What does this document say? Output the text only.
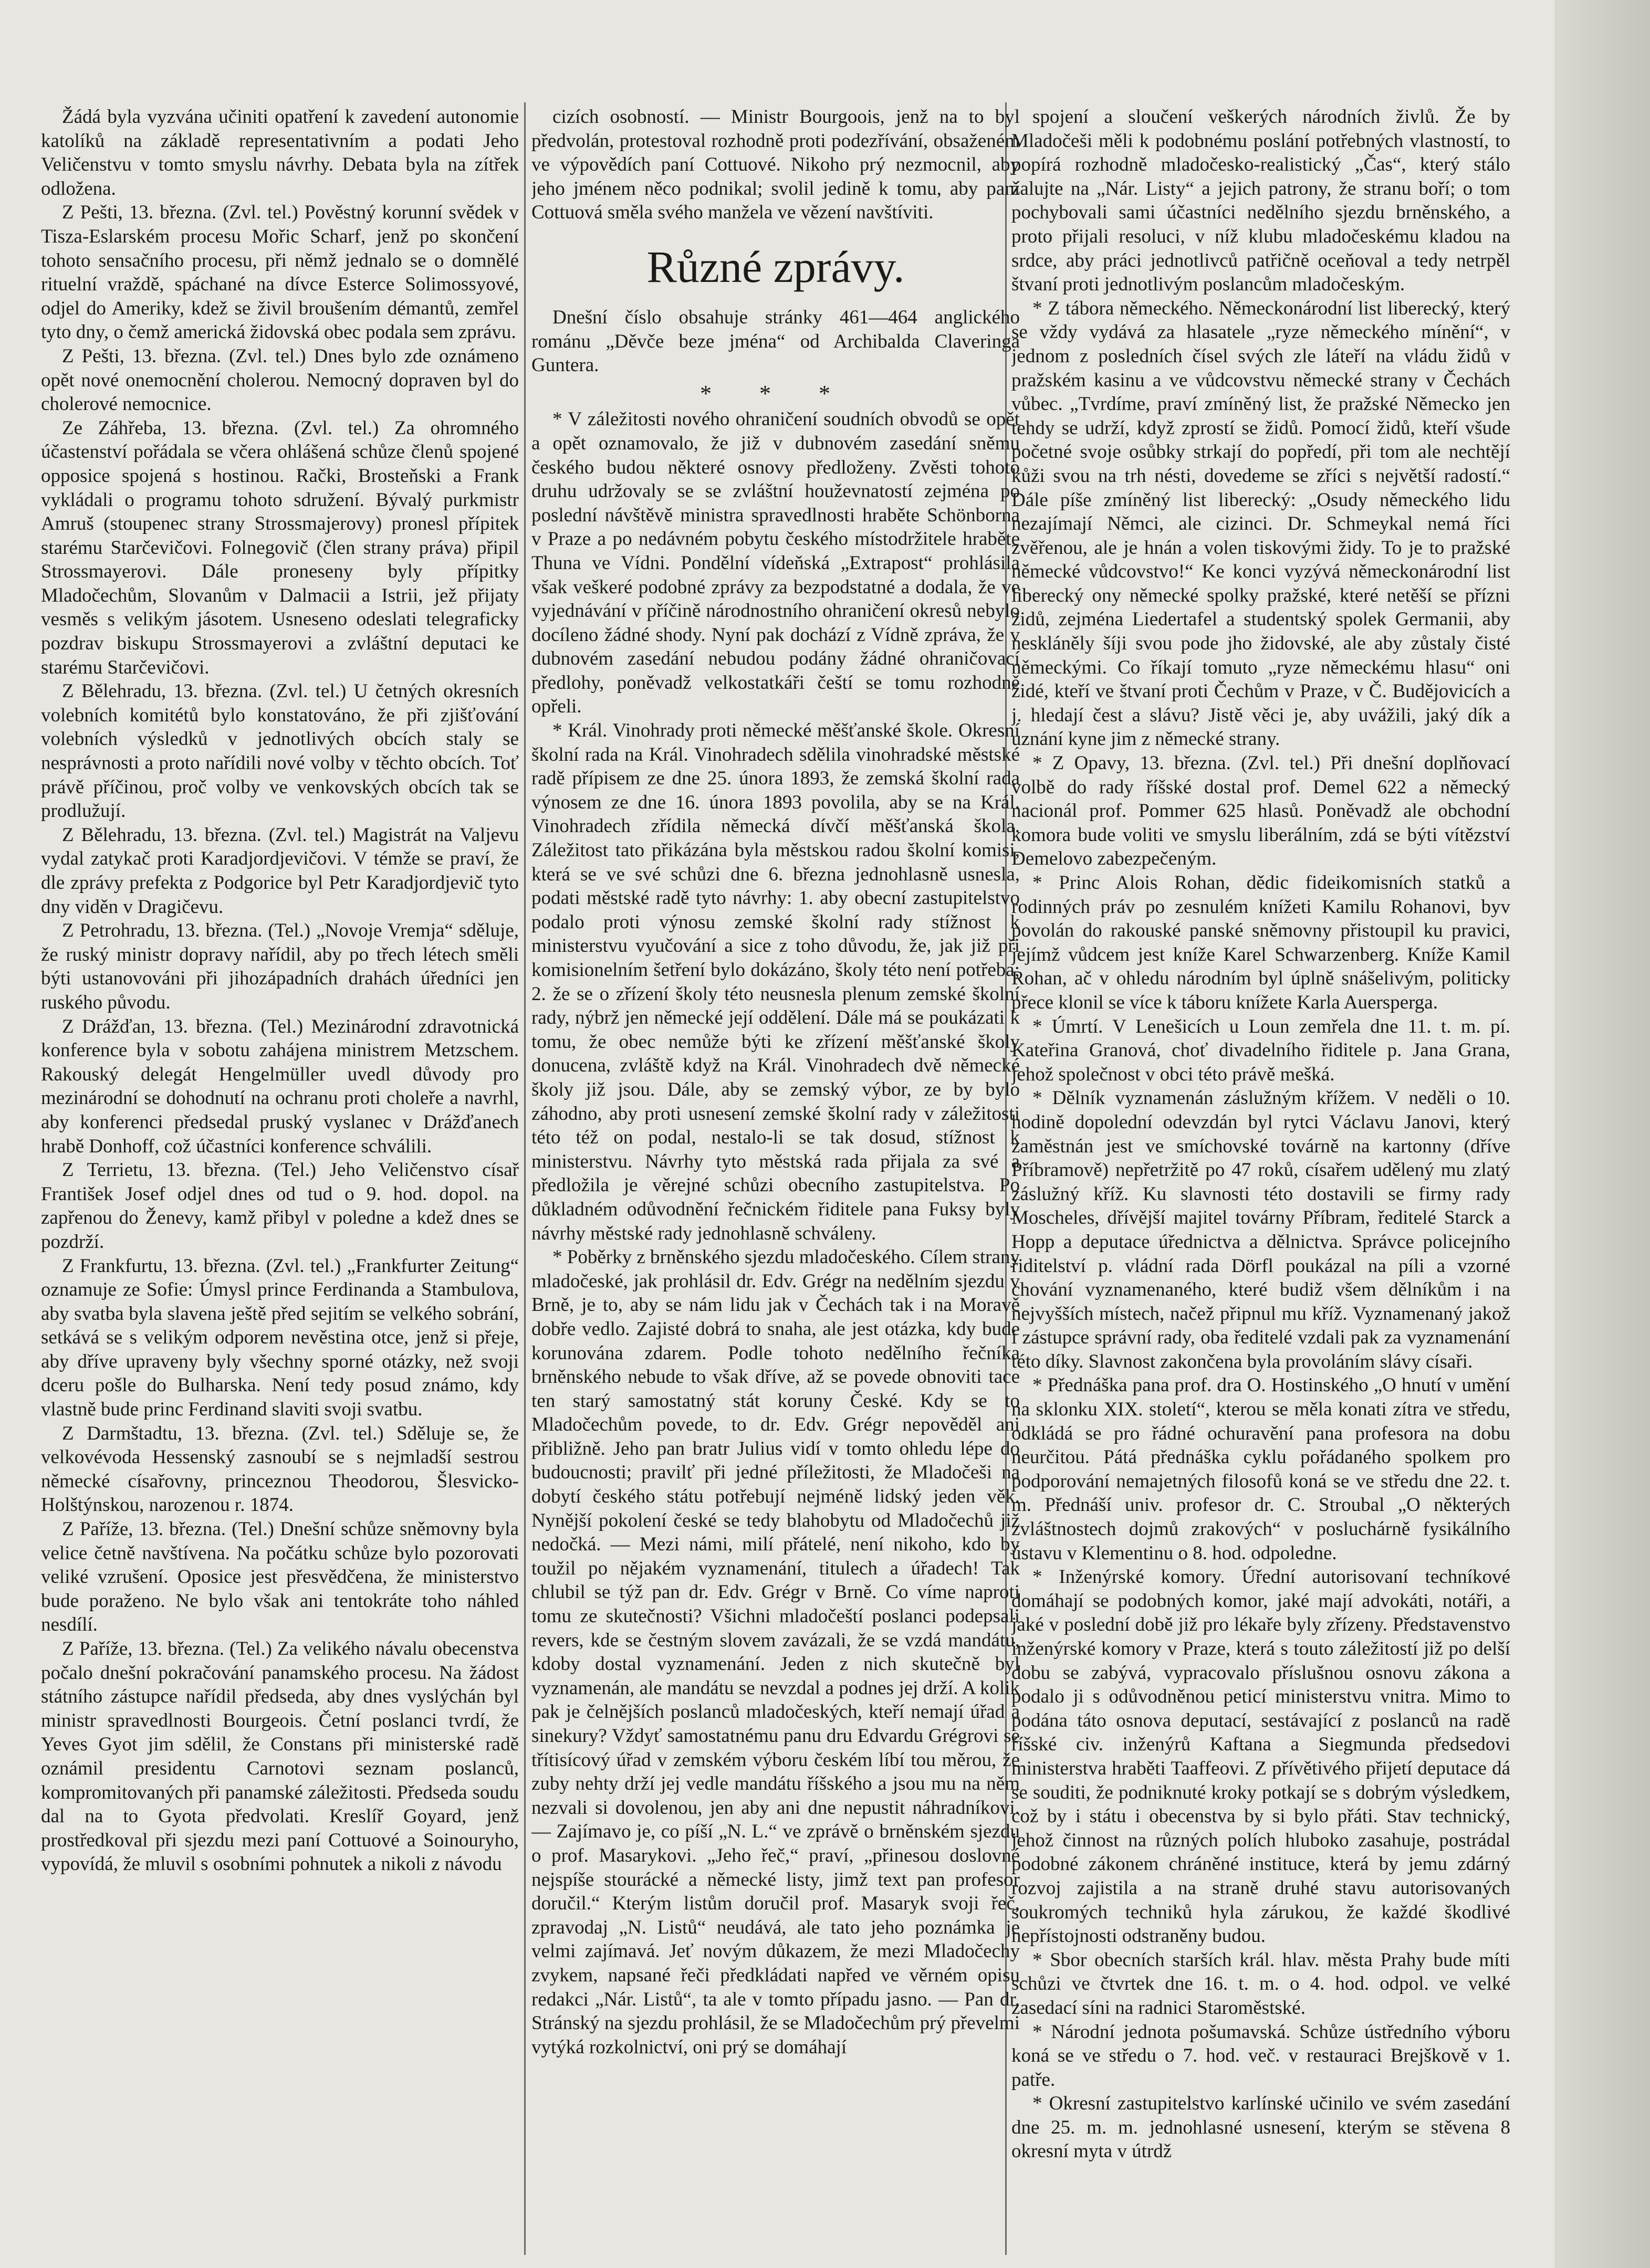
Žádá byla vyzvána učiniti opatření k zavedení autonomie katolíků na základě representativním a podati Jeho Veličenstvu v tomto smyslu návrhy. Debata byla na zítřek odložena.

Z Pešti, 13. března. (Zvl. tel.) Pověstný korunní svědek v Tisza-Eslarském procesu Mořic Scharf, jenž po skončení tohoto sensačního procesu, při němž jednalo se o domnělé rituelní vraždě, spáchané na dívce Esterce Solimossyové, odjel do Ameriky, kdež se živil broušením démantů, zemřel tyto dny, o čemž americká židovská obec podala sem zprávu.

Z Pešti, 13. března. (Zvl. tel.) Dnes bylo zde oznámeno opět nové onemocnění cholerou. Nemocný dopraven byl do cholerové nemocnice.

Ze Záhřeba, 13. března. (Zvl. tel.) Za ohromného účastenství pořádala se včera ohlášená schůze členů spojené opposice spojená s hostinou. Rački, Brosteňski a Frank vykládali o programu tohoto sdružení. Bývalý purkmistr Amruš (stoupenec strany Strossmajerovy) pronesl přípitek starému Starčevičovi. Folnegovič (člen strany práva) připil Strossmayerovi. Dále proneseny byly přípitky Mladočechům, Slovanům v Dalmacii a Istrii, jež přijaty vesměs s velikým jásotem. Usneseno odeslati telegraficky pozdrav biskupu Strossmayerovi a zvláštní deputaci ke starému Starčevičovi.

Z Bělehradu, 13. března. (Zvl. tel.) U četných okresních volebních komitétů bylo konstatováno, že při zjišťování volebních výsledků v jednotlivých obcích staly se nesprávnosti a proto nařídili nové volby v těchto obcích. Toť právě příčinou, proč volby ve venkovských obcích tak se prodlužují.

Z Bělehradu, 13. března. (Zvl. tel.) Magistrát na Valjevu vydal zatykač proti Karadjordjevičovi. V témže se praví, že dle zprávy prefekta z Podgorice byl Petr Karadjordjevič tyto dny viděn v Dragičevu.

Z Petrohradu, 13. března. (Tel.) „Novoje Vremja“ sděluje, že ruský ministr dopravy nařídil, aby po třech létech směli býti ustanovováni při jihozápadních drahách úředníci jen ruského původu.

Z Drážďan, 13. března. (Tel.) Mezinárodní zdravotnická konference byla v sobotu zahájena ministrem Metzschem. Rakouský delegát Hengelmüller uvedl důvody pro mezinárodní se dohodnutí na ochranu proti choleře a navrhl, aby konferenci předsedal pruský vyslanec v Drážďanech hrabě Donhoff, což účastníci konference schválili.

Z Terrietu, 13. března. (Tel.) Jeho Veličenstvo císař František Josef odjel dnes od tud o 9. hod. dopol. na zapřenou do Ženevy, kamž přibyl v poledne a kdež dnes se pozdrží.

Z Frankfurtu, 13. března. (Zvl. tel.) „Frankfurter Zeitung“ oznamuje ze Sofie: Úmysl prince Ferdinanda a Stambulova, aby svatba byla slavena ještě před sejitím se velkého sobrání, setkává se s velikým odporem nevěstina otce, jenž si přeje, aby dříve upraveny byly všechny sporné otázky, než svoji dceru pošle do Bulharska. Není tedy posud známo, kdy vlastně bude princ Ferdinand slaviti svoji svatbu.

Z Darmštadtu, 13. března. (Zvl. tel.) Sděluje se, že velkovévoda Hessenský zasnoubí se s nejmladší sestrou německé císařovny, princeznou Theodorou, Šlesvicko-Holštýnskou, narozenou r. 1874.

Z Paříže, 13. března. (Tel.) Dnešní schůze sněmovny byla velice četně navštívena. Na počátku schůze bylo pozorovati veliké vzrušení. Oposice jest přesvědčena, že ministerstvo bude poraženo. Ne bylo však ani tentokráte toho náhled nesdílí.

Z Paříže, 13. března. (Tel.) Za velikého návalu obecenstva počalo dnešní pokračování panamského procesu. Na žádost státního zástupce nařídil předseda, aby dnes vyslýchán byl ministr spravedlnosti Bourgeois. Četní poslanci tvrdí, že Yeves Gyot jim sdělil, že Constans při ministerské radě oznámil presidentu Carnotovi seznam poslanců, kompromitovaných při panamské záležitosti. Předseda soudu dal na to Gyota předvolati. Kreslíř Goyard, jenž prostředkoval při sjezdu mezi paní Cottuové a Soinouryho, vypovídá, že mluvil s osobními pohnutek a nikoli z návodu

cizích osobností. — Ministr Bourgoois, jenž na to byl předvolán, protestoval rozhodně proti podezřívání, obsaženém ve výpovědích paní Cottuové. Nikoho prý nezmocnil, aby jeho jménem něco podnikal; svolil jedině k tomu, aby paní Cottuová směla svého manžela ve vězení navštíviti.

Různé zprávy.

Dnešní číslo obsahuje stránky 461—464 anglického románu „Děvče beze jména“ od Archibalda Claveringa Guntera.

* * *

* V záležitosti nového ohraničení soudních obvodů se opět a opět oznamovalo, že již v dubnovém zasedání sněmu českého budou některé osnovy předloženy. Zvěsti tohoto druhu udržovaly se se zvláštní houževnatostí zejména po poslední návštěvě ministra spravedlnosti hraběte Schönborna v Praze a po nedávném pobytu českého místodržitele hraběte Thuna ve Vídni. Pondělní vídeňská „Extrapost“ prohlásila však veškeré podobné zprávy za bezpodstatné a dodala, že ve vyjednávání v příčině národnostního ohraničení okresů nebylo docíleno žádné shody. Nyní pak dochází z Vídně zpráva, že v dubnovém zasedání nebudou podány žádné ohraničovací předlohy, poněvadž velkostatkáři čeští se tomu rozhodně opřeli.

* Král. Vinohrady proti německé měšťanské škole. Okresní školní rada na Král. Vinohradech sdělila vinohradské městské radě přípisem ze dne 25. února 1893, že zemská školní rada výnosem ze dne 16. února 1893 povolila, aby se na Král. Vinohradech zřídila německá dívčí měšťanská škola. Záležitost tato přikázána byla městskou radou školní komisi, která se ve své schůzi dne 6. března jednohlasně usnesla, podati městské radě tyto návrhy: 1. aby obecní zastupitelstvo podalo proti výnosu zemské školní rady stížnost k ministerstvu vyučování a sice z toho důvodu, že, jak již při komisionelním šetření bylo dokázáno, školy této není potřeba; 2. že se o zřízení školy této neusnesla plenum zemské školní rady, nýbrž jen německé její oddělení. Dále má se poukázati k tomu, že obec nemůže býti ke zřízení měšťanské školy donucena, zvláště když na Král. Vinohradech dvě německé školy již jsou. Dále, aby se zemský výbor, ze by bylo záhodno, aby proti usnesení zemské školní rady v záležitosti této též on podal, nestalo-li se tak dosud, stížnost k ministerstvu. Návrhy tyto městská rada přijala za své a předložila je věrejné schůzi obecního zastupitelstva. Po důkladném odůvodnění řečnickém řiditele pana Fuksy byly návrhy městské rady jednohlasně schváleny.

* Poběrky z brněnského sjezdu mladočeského. Cílem strany mladočeské, jak prohlásil dr. Edv. Grégr na nedělním sjezdu v Brně, je to, aby se nám lidu jak v Čechách tak i na Moravě dobře vedlo. Zajisté dobrá to snaha, ale jest otázka, kdy bude korunována zdarem. Podle tohoto nedělního řečníka brněnského nebude to však dříve, až se povede obnoviti tace ten starý samostatný stát koruny České. Kdy se to Mladočechům povede, to dr. Edv. Grégr nepověděl ani přibližně. Jeho pan bratr Julius vidí v tomto ohledu lépe do budoucnosti; pravilť při jedné příležitosti, že Mladočeši na dobytí českého státu potřebují nejméně lidský jeden věk. Nynější pokolení české se tedy blahobytu od Mladočechů již nedočká. — Mezi námi, milí přátelé, není nikoho, kdo by toužil po nějakém vyznamenání, titulech a úřadech! Tak chlubil se týž pan dr. Edv. Grégr v Brně. Co víme naproti tomu ze skutečnosti? Všichni mladočeští poslanci podepsali revers, kde se čestným slovem zavázali, že se vzdá mandátu, kdoby dostal vyznamenání. Jeden z nich skutečně byl vyznamenán, ale mandátu se nevzdal a podnes jej drží. A kolik pak je čelnějších poslanců mladočeských, kteří nemají úřad a sinekury? Vždyť samostatnému panu dru Edvardu Grégrovi se třítisícový úřad v zemském výboru českém líbí tou měrou, že zuby nehty drží jej vedle mandátu říšského a jsou mu na něm nezvali si dovolenou, jen aby ani dne nepustit náhradníkovi. — Zajímavo je, co píší „N. L.“ ve zprávě o brněnském sjezdu o prof. Masarykovi. „Jeho řeč,“ praví, „přinesou doslovné nejspíše stourácké a německé listy, jimž text pan profesor doručil.“ Kterým listům doručil prof. Masaryk svoji řeč, zpravodaj „N. Listů“ neudává, ale tato jeho poznámka je velmi zajímavá. Jeť novým důkazem, že mezi Mladočechy zvykem, napsané řeči předkládati napřed ve věrném opisu redakci „Nár. Listů“, ta ale v tomto případu jasno. — Pan dr. Stránský na sjezdu prohlásil, že se Mladočechům prý převelmi vytýká rozkolnictví, oni prý se domáhají

spojení a sloučení veškerých národních živlů. Že by Mladočeši měli k podobnému poslání potřebných vlastností, to popírá rozhodně mladočesko-realistický „Čas“, který stálo žalujte na „Nár. Listy“ a jejich patrony, že stranu boří; o tom pochybovali sami účastníci nedělního sjezdu brněnského, a proto přijali resoluci, v níž klubu mladočeskému kladou na srdce, aby práci jednotlivců patřičně oceňoval a tedy netrpěl štvaní proti jednotlivým poslancům mladočeským.

* Z tábora německého. Německonárodní list liberecký, který se vždy vydává za hlasatele „ryze německého mínění“, v jednom z posledních čísel svých zle láteří na vládu židů v pražském kasinu a ve vůdcovstvu německé strany v Čechách vůbec. „Tvrdíme, praví zmíněný list, že pražské Německo jen tehdy se udrží, když zprostí se židů. Pomocí židů, kteří všude početné svoje osůbky strkají do popředí, při tom ale nechtějí kůži svou na trh nésti, dovedeme se zříci s největší radostí.“ Dále píše zmíněný list liberecký: „Osudy německého lidu nezajímají Němci, ale cizinci. Dr. Schmeykal nemá říci zvěřenou, ale je hnán a volen tiskovými židy. To je to pražské německé vůdcovstvo!“ Ke konci vyzývá německonárodní list liberecký ony německé spolky pražské, které netěší se přízni židů, zejména Liedertafel a studentský spolek Germanii, aby neskláněly šíji svou pode jho židovské, ale aby zůstaly čisté německými. Co říkají tomuto „ryze německému hlasu“ oni židé, kteří ve štvaní proti Čechům v Praze, v Č. Budějovicích a j. hledají čest a slávu? Jistě věci je, aby uvážili, jaký dík a uznání kyne jim z německé strany.

* Z Opavy, 13. března. (Zvl. tel.) Při dnešní doplňovací volbě do rady říšské dostal prof. Demel 622 a německý nacionál prof. Pommer 625 hlasů. Poněvadž ale obchodní komora bude voliti ve smyslu liberálním, zdá se býti vítězství Demelovo zabezpečeným.

* Princ Alois Rohan, dědic fideikomisních statků a rodinných práv po zesnulém knížeti Kamilu Rohanovi, byv povolán do rakouské panské sněmovny přistoupil ku pravici, jejímž vůdcem jest kníže Karel Schwarzenberg. Kníže Kamil Rohan, ač v ohledu národním byl úplně snášelivým, politicky přece klonil se více k táboru knížete Karla Auersperga.

* Úmrtí. V Lenešicích u Loun zemřela dne 11. t. m. pí. Kateřina Granová, choť divadelního řiditele p. Jana Grana, jehož společnost v obci této právě mešká.

* Dělník vyznamenán záslužným křížem. V neděli o 10. hodině dopolední odevzdán byl rytci Václavu Janovi, který zaměstnán jest ve smíchovské továrně na kartonny (dříve Příbramově) nepřetržitě po 47 roků, císařem udělený mu zlatý záslužný kříž. Ku slavnosti této dostavili se firmy rady Moscheles, dřívější majitel továrny Příbram, ředitelé Starck a Hopp a deputace úřednictva a dělnictva. Správce policejního řiditelství p. vládní rada Dörfl poukázal na píli a vzorné chování vyznamenaného, které budiž všem dělníkům i na nejvyšších místech, načež připnul mu kříž. Vyznamenaný jakož i zástupce správní rady, oba ředitelé vzdali pak za vyznamenání této díky. Slavnost zakončena byla provoláním slávy císaři.

* Přednáška pana prof. dra O. Hostinského „O hnutí v umění na sklonku XIX. století“, kterou se měla konati zítra ve středu, odkládá se pro řádné ochuravění pana profesora na dobu neurčitou. Pátá přednáška cyklu pořádaného spolkem pro podporování nemajetných filosofů koná se ve středu dne 22. t. m. Přednáší univ. profesor dr. C. Stroubal „O některých zvláštnostech dojmů zrakových“ v posluchárně fysikálního ústavu v Klementinu o 8. hod. odpoledne.

* Inženýrské komory. Úřední autorisovaní techníkové domáhají se podobných komor, jaké mají advokáti, notáři, a jaké v poslední době již pro lékaře byly zřízeny. Představenstvo inženýrské komory v Praze, která s touto záležitostí již po delší dobu se zabývá, vypracovalo příslušnou osnovu zákona a podalo ji s odůvodněnou peticí ministerstvu vnitra. Mimo to podána táto osnova deputací, sestávající z poslanců na radě říšské civ. inženýrů Kaftana a Siegmunda předsedovi ministerstva hraběti Taaffeovi. Z přívětivého přijetí deputace dá se souditi, že podniknuté kroky potkají se s dobrým výsledkem, což by i státu i obecenstva by si bylo přáti. Stav technický, jehož činnost na různých polích hluboko zasahuje, postrádal podobné zákonem chráněné instituce, která by jemu zdárný rozvoj zajistila a na straně druhé stavu autorisovaných soukromých techniků hyla zárukou, že každé škodlivé nepřístojnosti odstraněny budou.

* Sbor obecních starších král. hlav. města Prahy bude míti schůzi ve čtvrtek dne 16. t. m. o 4. hod. odpol. ve velké zasedací síni na radnici Staroměstské.

* Národní jednota pošumavská. Schůze ústředního výboru koná se ve středu o 7. hod. več. v restauraci Brejškově v 1. patře.

* Okresní zastupitelstvo karlínské učinilo ve svém zasedání dne 25. m. m. jednohlasné usnesení, kterým se stěvena 8 okresní myta v útrdž
